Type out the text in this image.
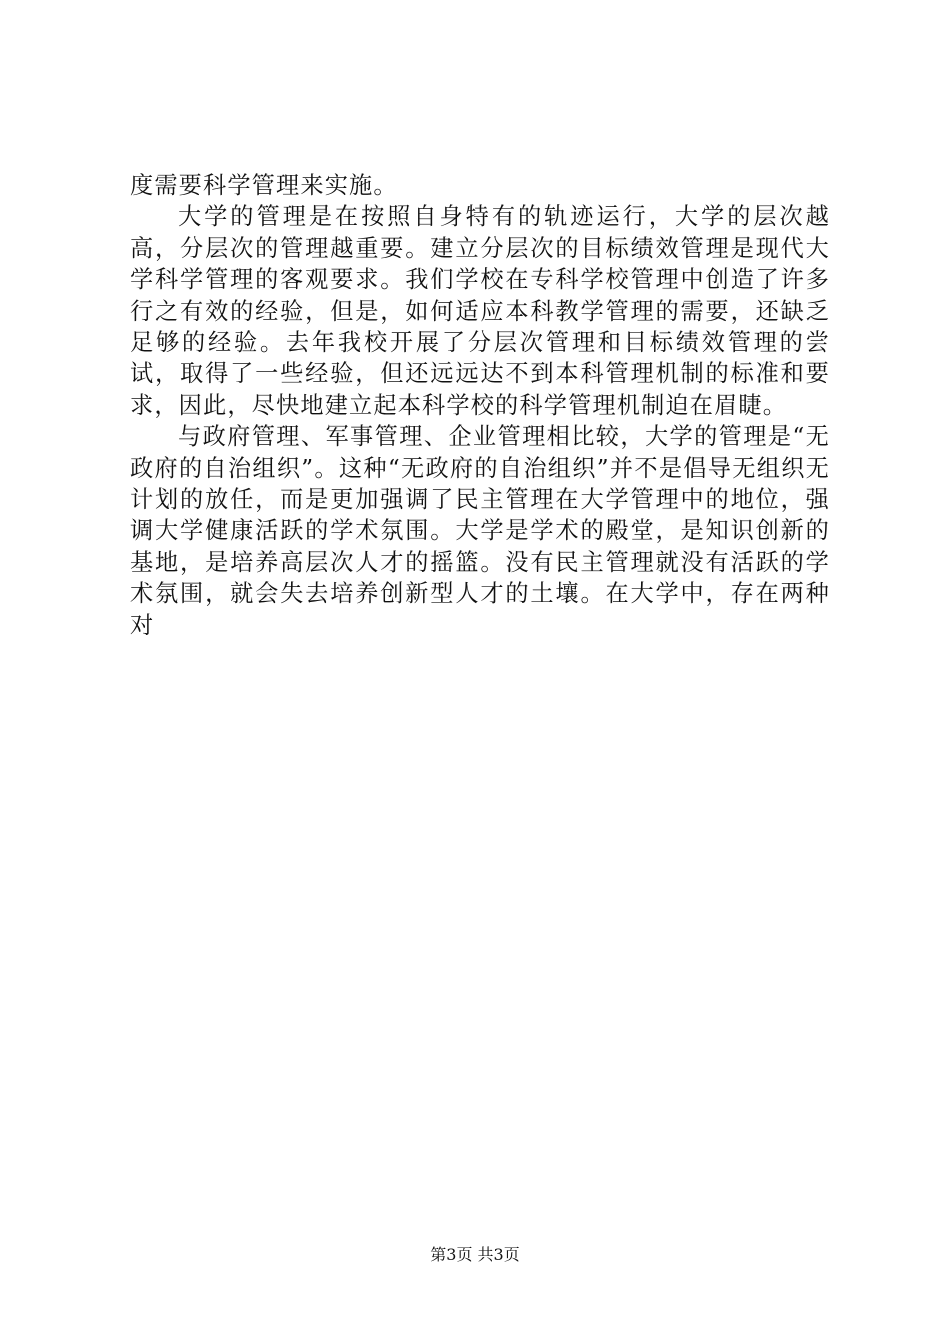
度需要科学管理来实施。

大学的管理是在按照自身特有的轨迹运行，大学的层次越高，分层次的管理越重要。建立分层次的目标绩效管理是现代大学科学管理的客观要求。我们学校在专科学校管理中创造了许多行之有效的经验，但是，如何适应本科教学管理的需要，还缺乏足够的经验。去年我校开展了分层次管理和目标绩效管理的尝试，取得了一些经验，但还远远达不到本科管理机制的标准和要求，因此，尽快地建立起本科学校的科学管理机制迫在眉睫。

与政府管理、军事管理、企业管理相比较，大学的管理是“无政府的自治组织”。这种“无政府的自治组织”并不是倡导无组织无计划的放任，而是更加强调了民主管理在大学管理中的地位，强调大学健康活跃的学术氛围。大学是学术的殿堂，是知识创新的基地，是培养高层次人才的摇篮。没有民主管理就没有活跃的学术氛围，就会失去培养创新型人才的土壤。在大学中，存在两种对

第3页 共3页
